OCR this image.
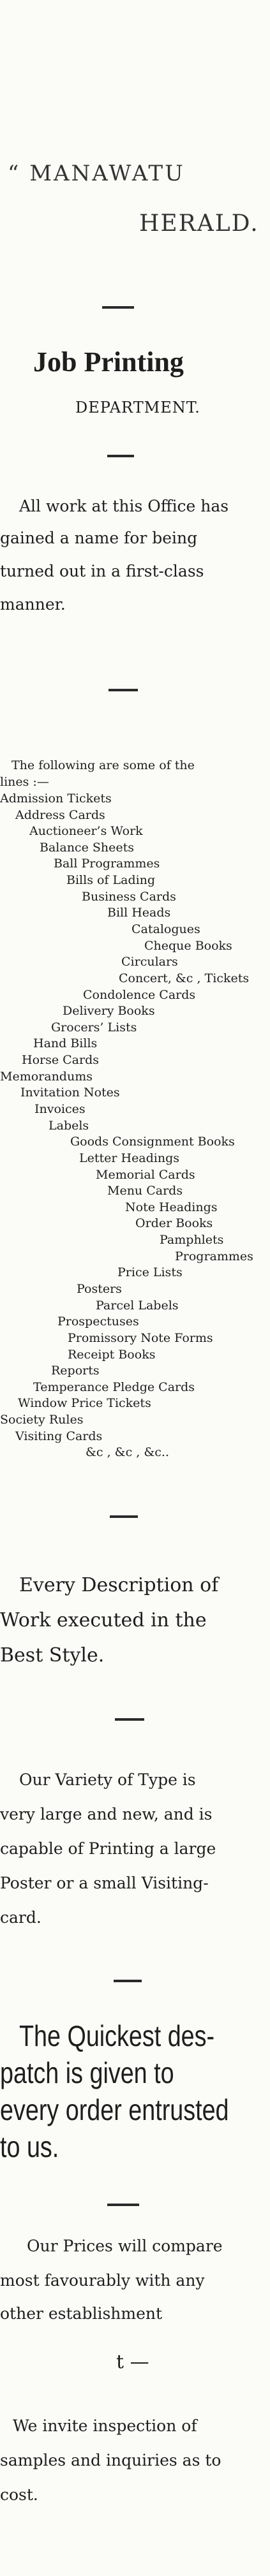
“ MANAWATU
HERALD.
Job Printing
DEPARTMENT.
All work at this Office has
gained a name for being
turned out in a first-class
manner.
The following are some of the
lines :—
Admission Tickets
Address Cards
Auctioneer’s Work
Balance Sheets
Ball Programmes
Bills of Lading
Business Cards
Bill Heads
Catalogues
Cheque Books
Circulars
Concert, &c , Tickets
Condolence Cards
Delivery Books
Grocers’ Lists
Hand Bills
Horse Cards
Memorandums
Invitation Notes
Invoices
Labels
Goods Consignment Books
Letter Headings
Memorial Cards
Menu Cards
Note Headings
Order Books
Pamphlets
Programmes
Price Lists
Posters
Parcel Labels
Prospectuses
Promissory Note Forms
Receipt Books
Reports
Temperance Pledge Cards
Window Price Tickets
Society Rules
Visiting Cards
&c , &c , &c..
Every Description of
Work executed in the
Best Style.
Our Variety of Type is
very large and new, and is
capable of Printing a large
Poster or a small Visiting-
card.
The Quickest des-
patch is given to
every order entrusted
to us.
Our Prices will compare
most favourably with any
other establishment
t —
We invite inspection of
samples and inquiries as to
cost.
